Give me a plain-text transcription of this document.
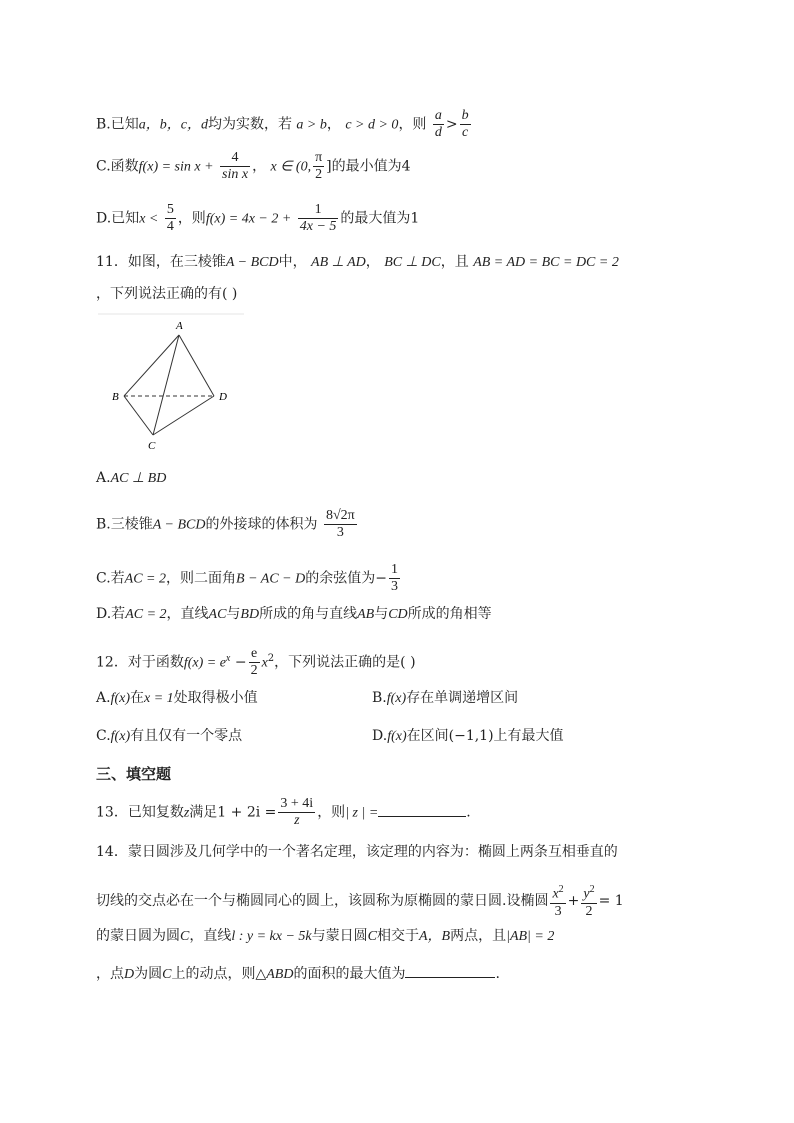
B.已知a，b，c，d均为实数，若 a > b， c > d > 0，则 $\frac{a}{d} > \frac{b}{c}$
C.函数$f(x) = \sin x + \frac{4}{\text{sin x}}$ ， x ∈ (0, $\frac{\pi}{2}$ ]的最小值为4
D.已知$x < \frac{5}{4}$ ，则$f(x) = 4x - 2 + \frac{1}{4x - 5}$ 的最大值为1
11．如图，在三棱锥A − BCD中， AB ⊥ AD， BC ⊥ DC，且 AB = AD = BC = DC = 2
，下列说法正确的有( )
A
B
C
D
A.AC ⊥ BD
B.三棱锥A − BCD的外接球的体积为 $\frac{8√2\pi}{3}$
C.若AC = 2，则二面角B − AC − D的余弦值为− $\frac{1}{3}$
D.若AC = 2，直线AC与BD所成的角与直线AB与CD所成的角相等
12．对于函数$f(x) = e^x - \frac{e}{2} x^2$，下列说法正确的是( )
A.f(x)在x = 1处取得极小值	B.f(x)存在单调递增区间
C.f(x)有且仅有一个零点	D.f(x)在区间(−1,1)上有最大值
三、填空题
13．已知复数z满足$1 + 2i = \frac{3 + 4i}{z}$ ，则| z | =	.
14．蒙日圆涉及几何学中的一个著名定理，该定理的内容为：椭圆上两条互相垂直的
切线的交点必在一个与椭圆同心的圆上，该圆称为原椭圆的蒙日圆.设椭圆 $\frac{x^2}{3} + \frac{y^2}{2} = 1$
的蒙日圆为圆C，直线l : y = kx − 5k与蒙日圆C相交于A，B两点，且|AB| = 2
，点D为圆C上的动点，则△ABD的面积的最大值为	.
